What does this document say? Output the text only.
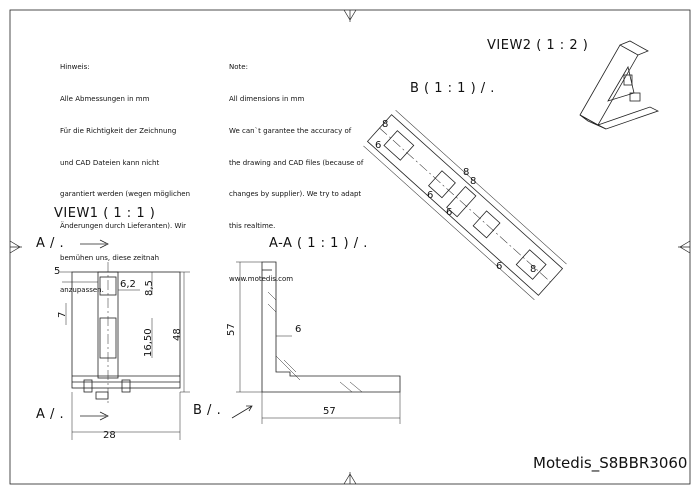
Hinweis:

Alle Abmessungen in mm

Für die Richtigkeit der Zeichnung

und CAD Dateien kann nicht

garantiert werden (wegen möglichen

Änderungen durch Lieferanten). Wir

bemühen uns, diese zeitnah

anzupassen.

Note:

All dimensions in mm

We can`t garantee the accuracy of

the drawing and CAD files (because of

changes by supplier). We try to adapt

this realtime.

www.motedis.com

VIEW2 ( 1 : 2 )
B ( 1 : 1 ) / .
VIEW1 ( 1 : 1 )
A-A ( 1 : 1 ) / .
A / .
A / .	B / .
5
6,2 8,5
7
16,50 48
28
57	6
57
8
6
6
8
8
6
6	8
Motedis_S8BBR3060
